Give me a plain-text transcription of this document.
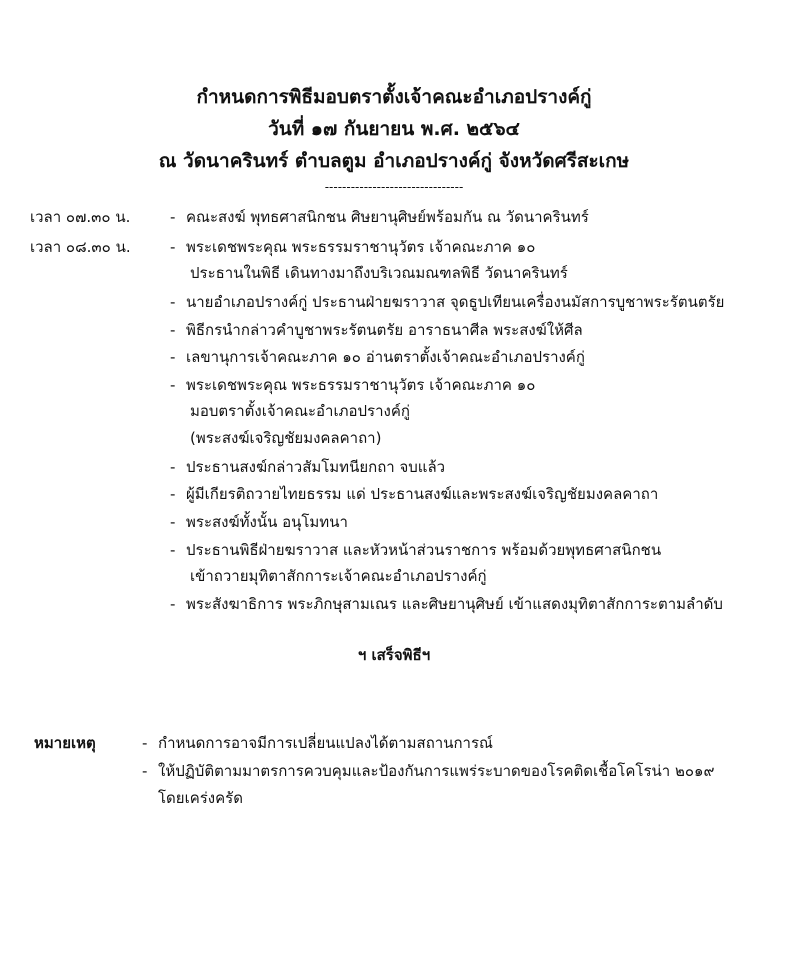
กำหนดการพิธีมอบตราตั้งเจ้าคณะอำเภอปรางค์กู่
วันที่ ๑๗ กันยายน พ.ศ. ๒๕๖๔
ณ วัดนาครินทร์ ตำบลตูม อำเภอปรางค์กู่ จังหวัดศรีสะเกษ
--------------------------------
เวลา ๐๗.๓๐ น.	- คณะสงฆ์ พุทธศาสนิกชน ศิษยานุศิษย์พร้อมกัน ณ วัดนาครินทร์
เวลา ๐๘.๓๐ น.	- พระเดชพระคุณ พระธรรมราชานุวัตร เจ้าคณะภาค ๑๐
ประธานในพิธี เดินทางมาถึงบริเวณมณฑลพิธี วัดนาครินทร์
- นายอำเภอปรางค์กู่ ประธานฝ่ายฆราวาส จุดธูปเทียนเครื่องนมัสการบูชาพระรัตนตรัย
- พิธีกรนำกล่าวคำบูชาพระรัตนตรัย อาราธนาศีล พระสงฆ์ให้ศีล
- เลขานุการเจ้าคณะภาค ๑๐ อ่านตราตั้งเจ้าคณะอำเภอปรางค์กู่
- พระเดชพระคุณ พระธรรมราชานุวัตร เจ้าคณะภาค ๑๐
มอบตราตั้งเจ้าคณะอำเภอปรางค์กู่
(พระสงฆ์เจริญชัยมงคลคาถา)
- ประธานสงฆ์กล่าวสัมโมทนียกถา จบแล้ว
- ผู้มีเกียรติถวายไทยธรรม แด่ ประธานสงฆ์และพระสงฆ์เจริญชัยมงคลคาถา
- พระสงฆ์ทั้งนั้น อนุโมทนา
- ประธานพิธีฝ่ายฆราวาส และหัวหน้าส่วนราชการ พร้อมด้วยพุทธศาสนิกชน
เข้าถวายมุทิตาสักการะเจ้าคณะอำเภอปรางค์กู่
- พระสังฆาธิการ พระภิกษุสามเณร และศิษยานุศิษย์ เข้าแสดงมุทิตาสักการะตามลำดับ
ฯ เสร็จพิธีฯ
หมายเหตุ	- กำหนดการอาจมีการเปลี่ยนแปลงได้ตามสถานการณ์
- ให้ปฏิบัติตามมาตรการควบคุมและป้องกันการแพร่ระบาดของโรคติดเชื้อโคโรน่า ๒๐๑๙
โดยเคร่งครัด
